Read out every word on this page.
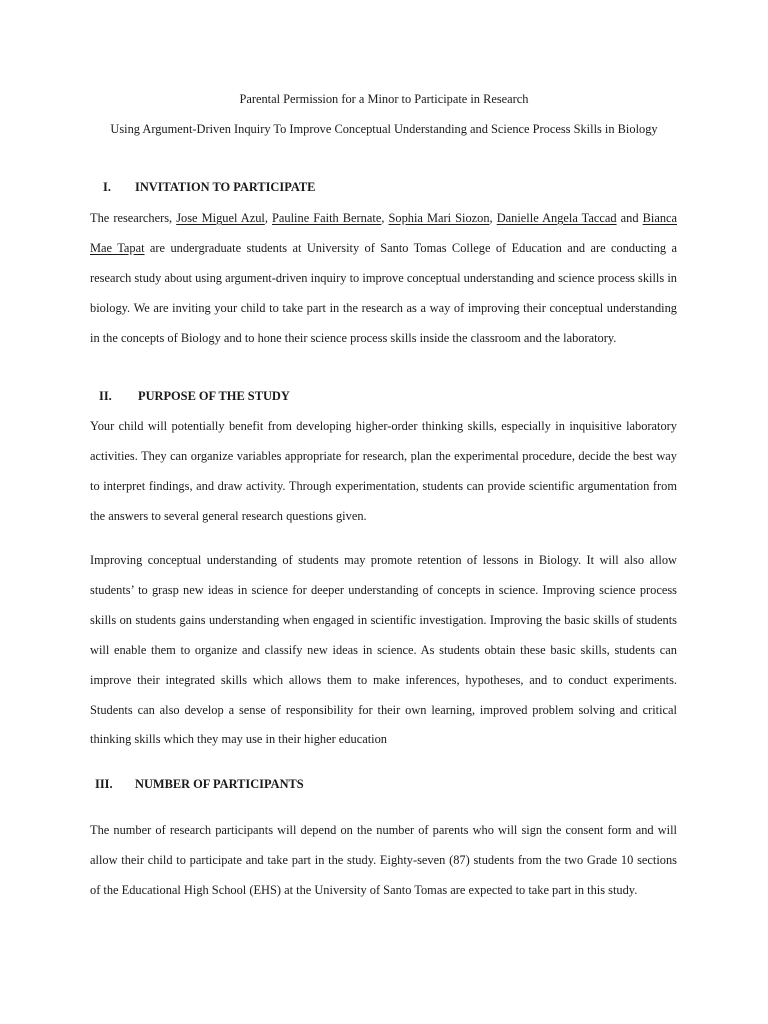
Parental Permission for a Minor to Participate in Research
Using Argument-Driven Inquiry To Improve Conceptual Understanding and Science Process Skills in Biology
I. INVITATION TO PARTICIPATE
The researchers, Jose Miguel Azul, Pauline Faith Bernate, Sophia Mari Siozon, Danielle Angela Taccad and Bianca Mae Tapat are undergraduate students at University of Santo Tomas College of Education and are conducting a research study about using argument-driven inquiry to improve conceptual understanding and science process skills in biology. We are inviting your child to take part in the research as a way of improving their conceptual understanding in the concepts of Biology and to hone their science process skills inside the classroom and the laboratory.
II. PURPOSE OF THE STUDY
Your child will potentially benefit from developing higher-order thinking skills, especially in inquisitive laboratory activities. They can organize variables appropriate for research, plan the experimental procedure, decide the best way to interpret findings, and draw activity. Through experimentation, students can provide scientific argumentation from the answers to several general research questions given.
Improving conceptual understanding of students may promote retention of lessons in Biology. It will also allow students’ to grasp new ideas in science for deeper understanding of concepts in science. Improving science process skills on students gains understanding when engaged in scientific investigation. Improving the basic skills of students will enable them to organize and classify new ideas in science. As students obtain these basic skills, students can improve their integrated skills which allows them to make inferences, hypotheses, and to conduct experiments. Students can also develop a sense of responsibility for their own learning, improved problem solving and critical thinking skills which they may use in their higher education
III. NUMBER OF PARTICIPANTS
The number of research participants will depend on the number of parents who will sign the consent form and will allow their child to participate and take part in the study. Eighty-seven (87) students from the two Grade 10 sections of the Educational High School (EHS) at the University of Santo Tomas are expected to take part in this study.
